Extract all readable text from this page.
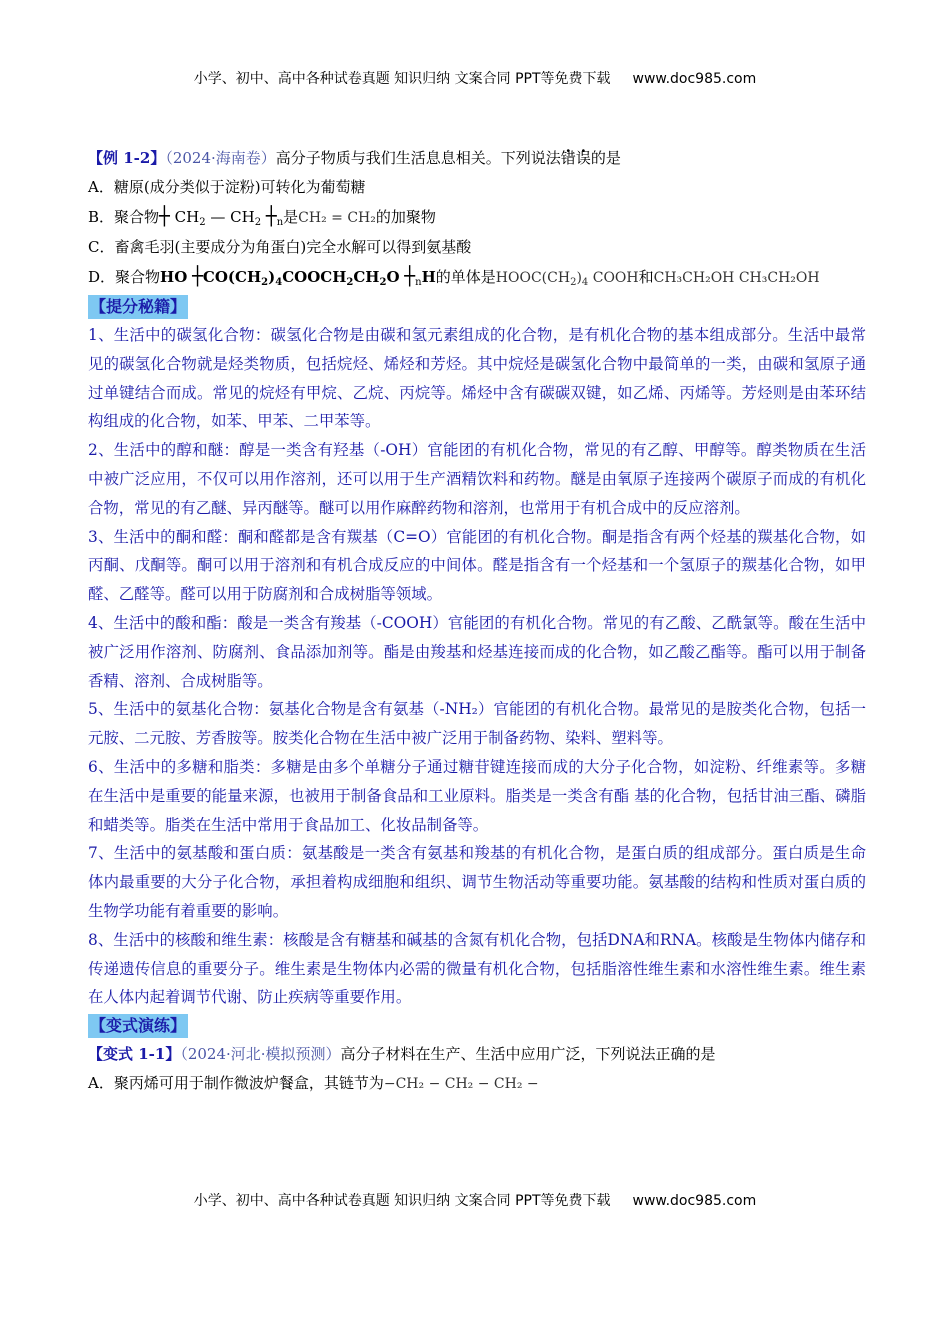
小学、初中、高中各种试卷真题 知识归纳 文案合同 PPT等免费下载 www.doc985.com
【例 1-2】（2024·海南卷）高分子物质与我们生活息息相关。下列说法错误的是
A．糖原(成分类似于淀粉)可转化为葡萄糖
B．聚合物┼ $CH_2$ — $CH_2$ $┼_n$是CH₂ = CH₂的加聚物
C．畜禽毛羽(主要成分为角蛋白)完全水解可以得到氨基酸
D．聚合物HO $┼CO(CH_2)_4COOCH_2CH_2O$ $┼_nH$的单体是$HOOC(CH_2)_4$ COOH和CH₃CH₂OH CH₃CH₂OH
【提分秘籍】

1、生活中的碳氢化合物：碳氢化合物是由碳和氢元素组成的化合物，是有机化合物的基本组成部分。生活中最常见的碳氢化合物就是烃类物质，包括烷烃、烯烃和芳烃。其中烷烃是碳氢化合物中最简单的一类，由碳和氢原子通过单键结合而成。常见的烷烃有甲烷、乙烷、丙烷等。烯烃中含有碳碳双键，如乙烯、丙烯等。芳烃则是由苯环结构组成的化合物，如苯、甲苯、二甲苯等。

2、生活中的醇和醚：醇是一类含有羟基（-OH）官能团的有机化合物，常见的有乙醇、甲醇等。醇类物质在生活中被广泛应用，不仅可以用作溶剂，还可以用于生产酒精饮料和药物。醚是由氧原子连接两个碳原子而成的有机化合物，常见的有乙醚、异丙醚等。醚可以用作麻醉药物和溶剂，也常用于有机合成中的反应溶剂。

3、生活中的酮和醛：酮和醛都是含有羰基（C=O）官能团的有机化合物。酮是指含有两个烃基的羰基化合物，如丙酮、戊酮等。酮可以用于溶剂和有机合成反应的中间体。醛是指含有一个烃基和一个氢原子的羰基化合物，如甲醛、乙醛等。醛可以用于防腐剂和合成树脂等领域。

4、生活中的酸和酯：酸是一类含有羧基（-COOH）官能团的有机化合物。常见的有乙酸、乙酰氯等。酸在生活中被广泛用作溶剂、防腐剂、食品添加剂等。酯是由羧基和烃基连接而成的化合物，如乙酸乙酯等。酯可以用于制备香精、溶剂、合成树脂等。

5、生活中的氨基化合物：氨基化合物是含有氨基（-NH₂）官能团的有机化合物。最常见的是胺类化合物，包括一元胺、二元胺、芳香胺等。胺类化合物在生活中被广泛用于制备药物、染料、塑料等。

6、生活中的多糖和脂类：多糖是由多个单糖分子通过糖苷键连接而成的大分子化合物，如淀粉、纤维素等。多糖在生活中是重要的能量来源，也被用于制备食品和工业原料。脂类是一类含有酯 基的化合物，包括甘油三酯、磷脂和蜡类等。脂类在生活中常用于食品加工、化妆品制备等。

7、生活中的氨基酸和蛋白质：氨基酸是一类含有氨基和羧基的有机化合物，是蛋白质的组成部分。蛋白质是生命体内最重要的大分子化合物，承担着构成细胞和组织、调节生物活动等重要功能。氨基酸的结构和性质对蛋白质的生物学功能有着重要的影响。

8、生活中的核酸和维生素：核酸是含有糖基和碱基的含氮有机化合物，包括DNA和RNA。核酸是生物体内储存和传递遗传信息的重要分子。维生素是生物体内必需的微量有机化合物，包括脂溶性维生素和水溶性维生素。维生素在人体内起着调节代谢、防止疾病等重要作用。

【变式演练】
【变式 1-1】（2024·河北·模拟预测）高分子材料在生产、生活中应用广泛，下列说法正确的是
A．聚丙烯可用于制作微波炉餐盒，其链节为−CH₂ − CH₂ − CH₂ −
小学、初中、高中各种试卷真题 知识归纳 文案合同 PPT等免费下载 www.doc985.com
